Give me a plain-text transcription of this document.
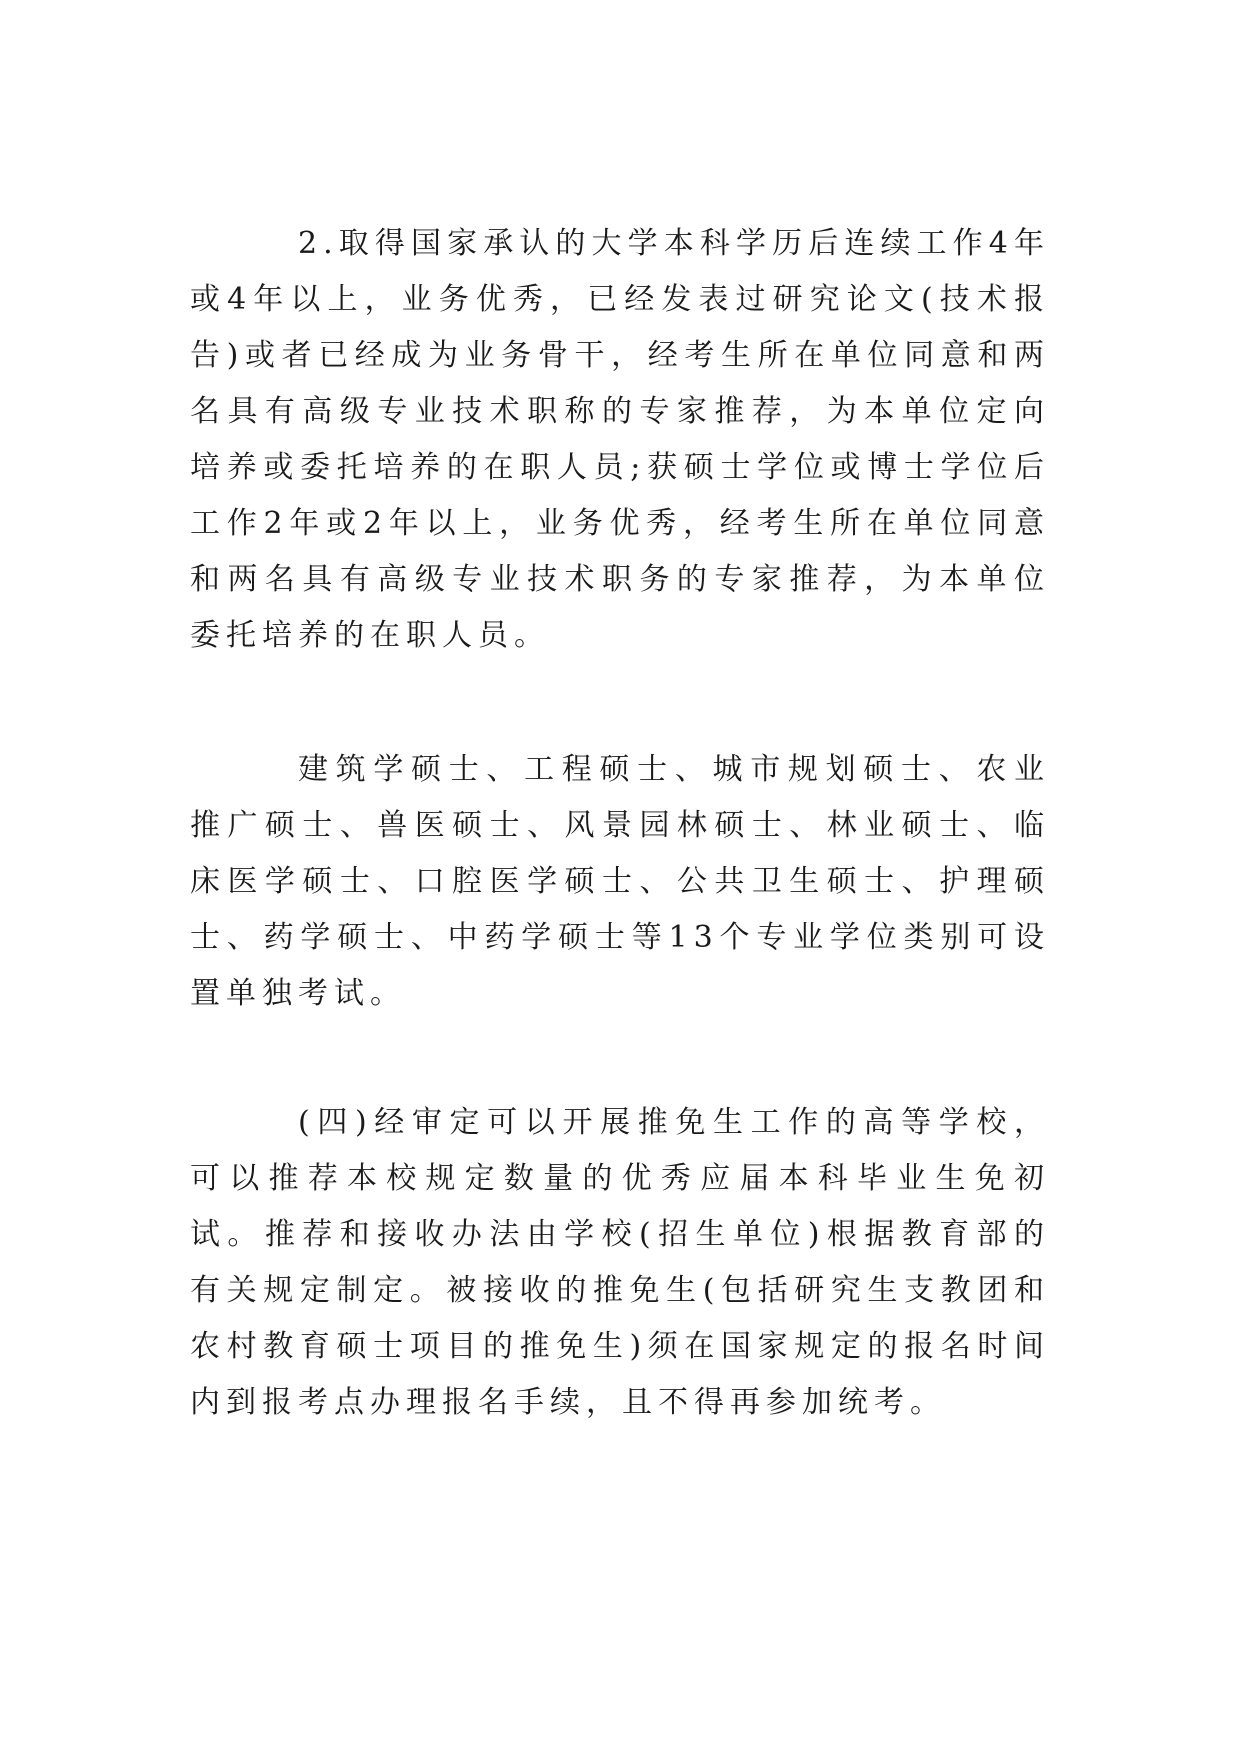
2.取得国家承认的大学本科学历后连续工作4年或4年以上，业务优秀，已经发表过研究论文(技术报告)或者已经成为业务骨干，经考生所在单位同意和两名具有高级专业技术职称的专家推荐，为本单位定向培养或委托培养的在职人员;获硕士学位或博士学位后工作2年或2年以上，业务优秀，经考生所在单位同意和两名具有高级专业技术职务的专家推荐，为本单位委托培养的在职人员。

建筑学硕士、工程硕士、城市规划硕士、农业推广硕士、兽医硕士、风景园林硕士、林业硕士、临床医学硕士、口腔医学硕士、公共卫生硕士、护理硕士、药学硕士、中药学硕士等13个专业学位类别可设置单独考试。

(四)经审定可以开展推免生工作的高等学校，可以推荐本校规定数量的优秀应届本科毕业生免初试。推荐和接收办法由学校(招生单位)根据教育部的有关规定制定。被接收的推免生(包括研究生支教团和农村教育硕士项目的推免生)须在国家规定的报名时间内到报考点办理报名手续，且不得再参加统考。
